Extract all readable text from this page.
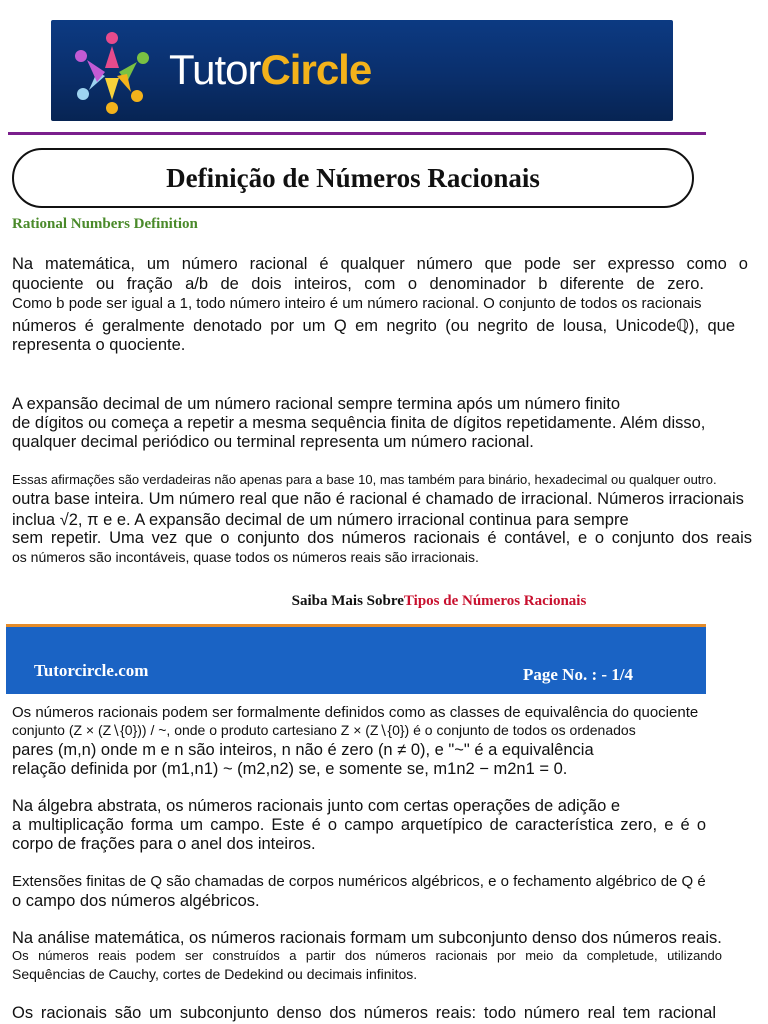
TutorCircle
Definição de Números Racionais
Rational Numbers Definition

Na matemática, um número racional é qualquer número que pode ser expresso como o

quociente ou fração a/b de dois inteiros, com o denominador b diferente de zero.

Como b pode ser igual a 1, todo número inteiro é um número racional. O conjunto de todos os racionais

números é geralmente denotado por um Q em negrito (ou negrito de lousa, Unicodeℚ), que

representa o quociente.

A expansão decimal de um número racional sempre termina após um número finito

de dígitos ou começa a repetir a mesma sequência finita de dígitos repetidamente. Além disso,

qualquer decimal periódico ou terminal representa um número racional.

Essas afirmações são verdadeiras não apenas para a base 10, mas também para binário, hexadecimal ou qualquer outro.

outra base inteira. Um número real que não é racional é chamado de irracional. Números irracionais

inclua √2, π e e. A expansão decimal de um número irracional continua para sempre

sem repetir. Uma vez que o conjunto dos números racionais é contável, e o conjunto dos reais

os números são incontáveis, quase todos os números reais são irracionais.

Saiba Mais SobreTipos de Números Racionais
Tutorcircle.com	Page No. : - 1/4

Os números racionais podem ser formalmente definidos como as classes de equivalência do quociente

conjunto (Z × (Z∖{0})) / ~, onde o produto cartesiano Z × (Z∖{0}) é o conjunto de todos os ordenados

pares (m,n) onde m e n são inteiros, n não é zero (n ≠ 0), e "~" é a equivalência

relação definida por (m1,n1) ~ (m2,n2) se, e somente se, m1n2 − m2n1 = 0.

Na álgebra abstrata, os números racionais junto com certas operações de adição e

a multiplicação forma um campo. Este é o campo arquetípico de característica zero, e é o

corpo de frações para o anel dos inteiros.

Extensões finitas de Q são chamadas de corpos numéricos algébricos, e o fechamento algébrico de Q é

o campo dos números algébricos.

Na análise matemática, os números racionais formam um subconjunto denso dos números reais.

Os números reais podem ser construídos a partir dos números racionais por meio da completude, utilizando

Sequências de Cauchy, cortes de Dedekind ou decimais infinitos.

Os racionais são um subconjunto denso dos números reais: todo número real tem racional
